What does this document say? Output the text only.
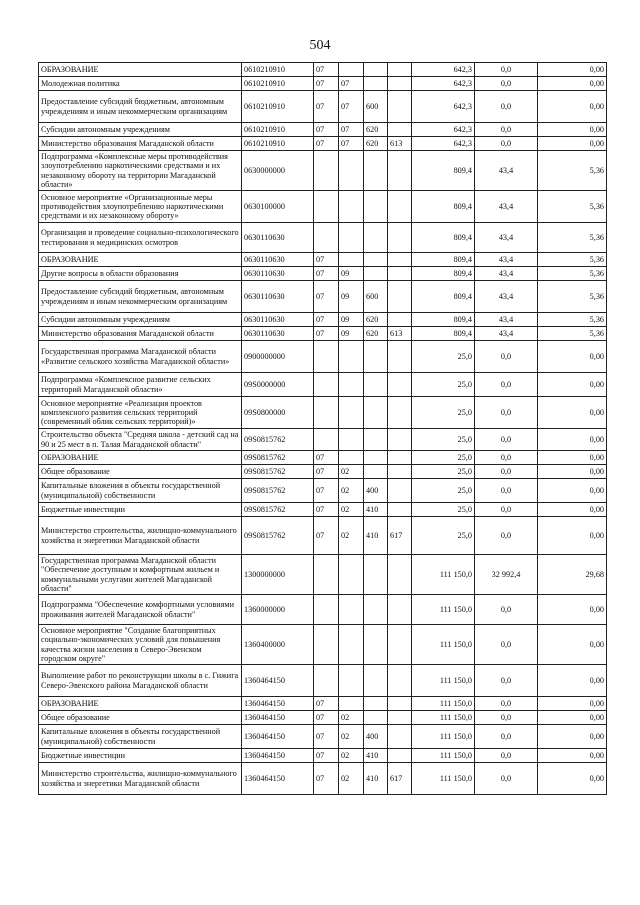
504
ОБРАЗОВАНИЕ	0610210910	07				642,3	0,0	0,00
Молодежная политика	0610210910	07	07			642,3	0,0	0,00
Предоставление субсидий бюджетным, автономным учреждениям и иным некоммерческим организациям	0610210910	07	07	600		642,3	0,0	0,00
Субсидии автономным учреждениям	0610210910	07	07	620		642,3	0,0	0,00
Министерство образования Магаданской области	0610210910	07	07	620	613	642,3	0,0	0,00
Подпрограмма «Комплексные меры противодействия злоупотреблению наркотическими средствами и их незаконному обороту на территории Магаданской области»	0630000000					809,4	43,4	5,36
Основное мероприятие «Организационные меры противодействия злоупотреблению наркотическими средствами и их незаконному обороту»	0630100000					809,4	43,4	5,36
Организация и проведение социально-психологического тестирования и медицинских осмотров	0630110630					809,4	43,4	5,36
ОБРАЗОВАНИЕ	0630110630	07				809,4	43,4	5,36
Другие вопросы в области образования	0630110630	07	09			809,4	43,4	5,36
Предоставление субсидий бюджетным, автономным учреждениям и иным некоммерческим организациям	0630110630	07	09	600		809,4	43,4	5,36
Субсидии автономным учреждениям	0630110630	07	09	620		809,4	43,4	5,36
Министерство образования Магаданской области	0630110630	07	09	620	613	809,4	43,4	5,36
Государственная программа Магаданской области «Развитие сельского хозяйства Магаданской области»	0900000000					25,0	0,0	0,00
Подпрограмма «Комплексное развитие сельских территорий Магаданской области»	09S0000000					25,0	0,0	0,00
Основное мероприятие «Реализация проектов комплексного развития сельских территорий (современный облик сельских территорий)»	09S0800000					25,0	0,0	0,00
Строительство объекта "Средняя школа - детский сад на 90 и 25 мест в п. Талая Магаданской области"	09S0815762					25,0	0,0	0,00
ОБРАЗОВАНИЕ	09S0815762	07				25,0	0,0	0,00
Общее образование	09S0815762	07	02			25,0	0,0	0,00
Капитальные вложения в объекты государственной (муниципальной) собственности	09S0815762	07	02	400		25,0	0,0	0,00
Бюджетные инвестиции	09S0815762	07	02	410		25,0	0,0	0,00
Министерство строительства, жилищно-коммунального хозяйства и энергетики Магаданской области	09S0815762	07	02	410	617	25,0	0,0	0,00
Государственная программа Магаданской области "Обеспечение доступным и комфортным жильем и коммунальными услугами жителей Магаданской области"	1300000000					111 150,0	32 992,4	29,68
Подпрограмма "Обеспечение комфортными условиями проживания жителей Магаданской области"	1360000000					111 150,0	0,0	0,00
Основное мероприятие "Создание благоприятных социально-экономических условий для повышения качества жизни населения в Северо-Эвенском городском округе"	1360400000					111 150,0	0,0	0,00
Выполнение работ по реконструкции школы в с. Гижига Северо-Эвенского района Магаданской области	1360464150					111 150,0	0,0	0,00
ОБРАЗОВАНИЕ	1360464150	07				111 150,0	0,0	0,00
Общее образование	1360464150	07	02			111 150,0	0,0	0,00
Капитальные вложения в объекты государственной (муниципальной) собственности	1360464150	07	02	400		111 150,0	0,0	0,00
Бюджетные инвестиции	1360464150	07	02	410		111 150,0	0,0	0,00
Министерство строительства, жилищно-коммунального хозяйства и энергетики Магаданской области	1360464150	07	02	410	617	111 150,0	0,0	0,00
